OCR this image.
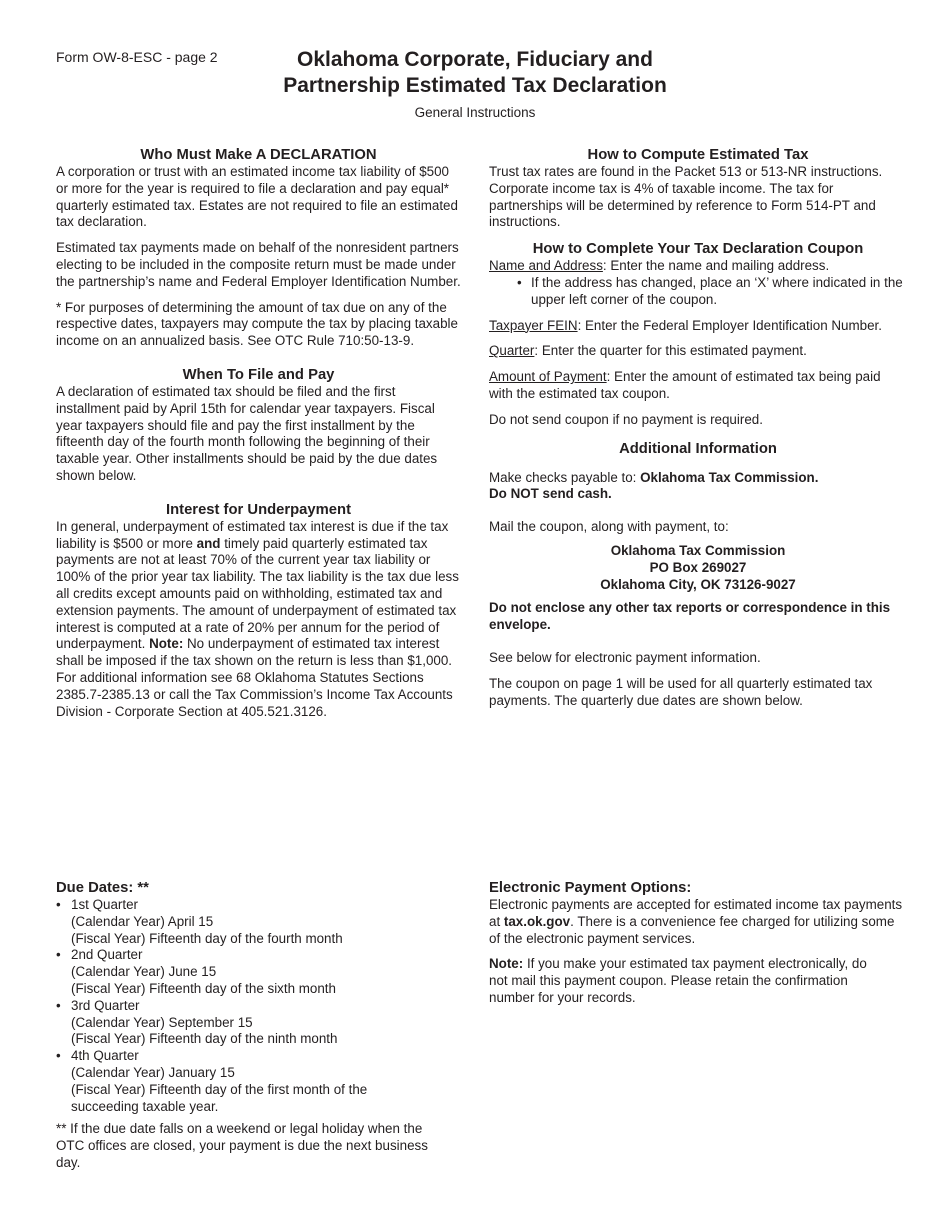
Form OW-8-ESC - page 2	Oklahoma Corporate, Fiduciary and
Partnership Estimated Tax Declaration
General Instructions
Who Must Make A DECLARATION

A corporation or trust with an estimated income tax liability of $500 or more for the year is required to file a declaration and pay equal* quarterly estimated tax. Estates are not required to file an estimated tax declaration.

Estimated tax payments made on behalf of the nonresident partners electing to be included in the composite return must be made under the partnership’s name and Federal Employer Identification Number.

* For purposes of determining the amount of tax due on any of the respective dates, taxpayers may compute the tax by placing taxable income on an annualized basis. See OTC Rule 710:50-13-9.

When To File and Pay

A declaration of estimated tax should be filed and the first installment paid by April 15th for calendar year taxpayers. Fiscal year taxpayers should file and pay the first installment by the fifteenth day of the fourth month following the beginning of their taxable year. Other installments should be paid by the due dates shown below.

Interest for Underpayment

In general, underpayment of estimated tax interest is due if the tax liability is $500 or more and timely paid quarterly estimated tax payments are not at least 70% of the current year tax liability or 100% of the prior year tax liability. The tax liability is the tax due less all credits except amounts paid on withholding, estimated tax and extension payments. The amount of underpayment of estimated tax interest is computed at a rate of 20% per annum for the period of underpayment. Note: No underpayment of estimated tax interest shall be imposed if the tax shown on the return is less than $1,000. For additional information see 68 Oklahoma Statutes Sections 2385.7-2385.13 or call the Tax Commission’s Income Tax Accounts Division - Corporate Section at 405.521.3126.

How to Compute Estimated Tax

Trust tax rates are found in the Packet 513 or 513-NR instructions. Corporate income tax is 4% of taxable income. The tax for partnerships will be determined by reference to Form 514-PT and instructions.

How to Complete Your Tax Declaration Coupon

Name and Address: Enter the name and mailing address.

• If the address has changed, place an ‘X’ where indicated in the upper left corner of the coupon.

Taxpayer FEIN: Enter the Federal Employer Identification Number.

Quarter: Enter the quarter for this estimated payment.

Amount of Payment: Enter the amount of estimated tax being paid with the estimated tax coupon.

Do not send coupon if no payment is required.

Additional Information

Make checks payable to: Oklahoma Tax Commission.
Do NOT send cash.

Mail the coupon, along with payment, to:

Oklahoma Tax Commission
PO Box 269027
Oklahoma City, OK 73126-9027

Do not enclose any other tax reports or correspondence in this envelope.

See below for electronic payment information.

The coupon on page 1 will be used for all quarterly estimated tax payments. The quarterly due dates are shown below.

Due Dates: **
• 1st Quarter
(Calendar Year) April 15
(Fiscal Year) Fifteenth day of the fourth month
• 2nd Quarter
(Calendar Year) June 15
(Fiscal Year) Fifteenth day of the sixth month
• 3rd Quarter
(Calendar Year) September 15
(Fiscal Year) Fifteenth day of the ninth month
• 4th Quarter
(Calendar Year) January 15
(Fiscal Year) Fifteenth day of the first month of the succeeding taxable year.

** If the due date falls on a weekend or legal holiday when the OTC offices are closed, your payment is due the next business day.

Electronic Payment Options:

Electronic payments are accepted for estimated income tax payments at tax.ok.gov. There is a convenience fee charged for utilizing some of the electronic payment services.

Note: If you make your estimated tax payment electronically, do not mail this payment coupon. Please retain the confirmation number for your records.
